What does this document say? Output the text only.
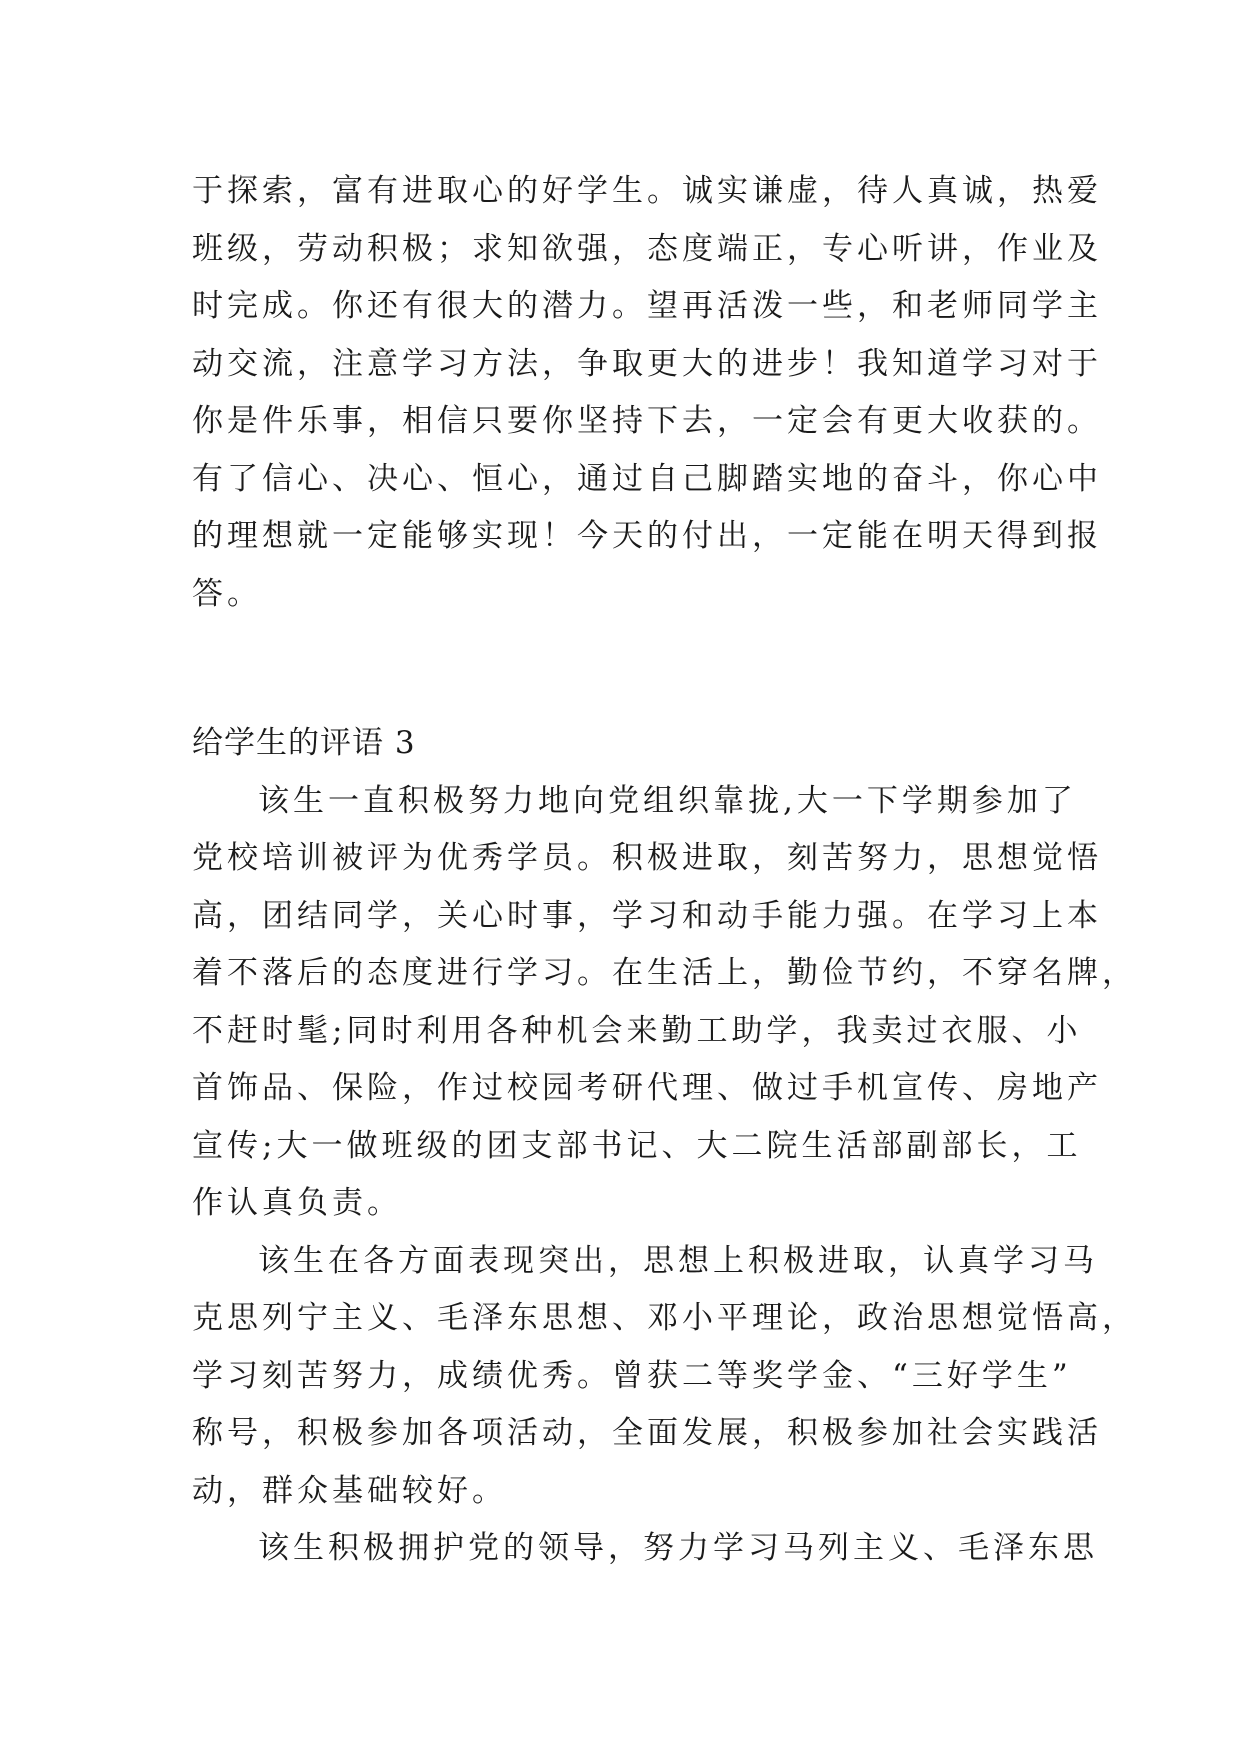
于探索，富有进取心的好学生。诚实谦虚，待人真诚，热爱
班级，劳动积极；求知欲强，态度端正，专心听讲，作业及
时完成。你还有很大的潜力。望再活泼一些，和老师同学主
动交流，注意学习方法，争取更大的进步！我知道学习对于
你是件乐事，相信只要你坚持下去，一定会有更大收获的。
有了信心、决心、恒心，通过自己脚踏实地的奋斗，你心中
的理想就一定能够实现！今天的付出，一定能在明天得到报
答。
给学生的评语 3
该生一直积极努力地向党组织靠拢,大一下学期参加了
党校培训被评为优秀学员。积极进取，刻苦努力，思想觉悟
高，团结同学，关心时事，学习和动手能力强。在学习上本
着不落后的态度进行学习。在生活上，勤俭节约，不穿名牌，
不赶时髦;同时利用各种机会来勤工助学，我卖过衣服、小
首饰品、保险，作过校园考研代理、做过手机宣传、房地产
宣传;大一做班级的团支部书记、大二院生活部副部长，工
作认真负责。
该生在各方面表现突出，思想上积极进取，认真学习马
克思列宁主义、毛泽东思想、邓小平理论，政治思想觉悟高，
学习刻苦努力，成绩优秀。曾获二等奖学金、“三好学生”
称号，积极参加各项活动，全面发展，积极参加社会实践活
动，群众基础较好。
该生积极拥护党的领导，努力学习马列主义、毛泽东思
